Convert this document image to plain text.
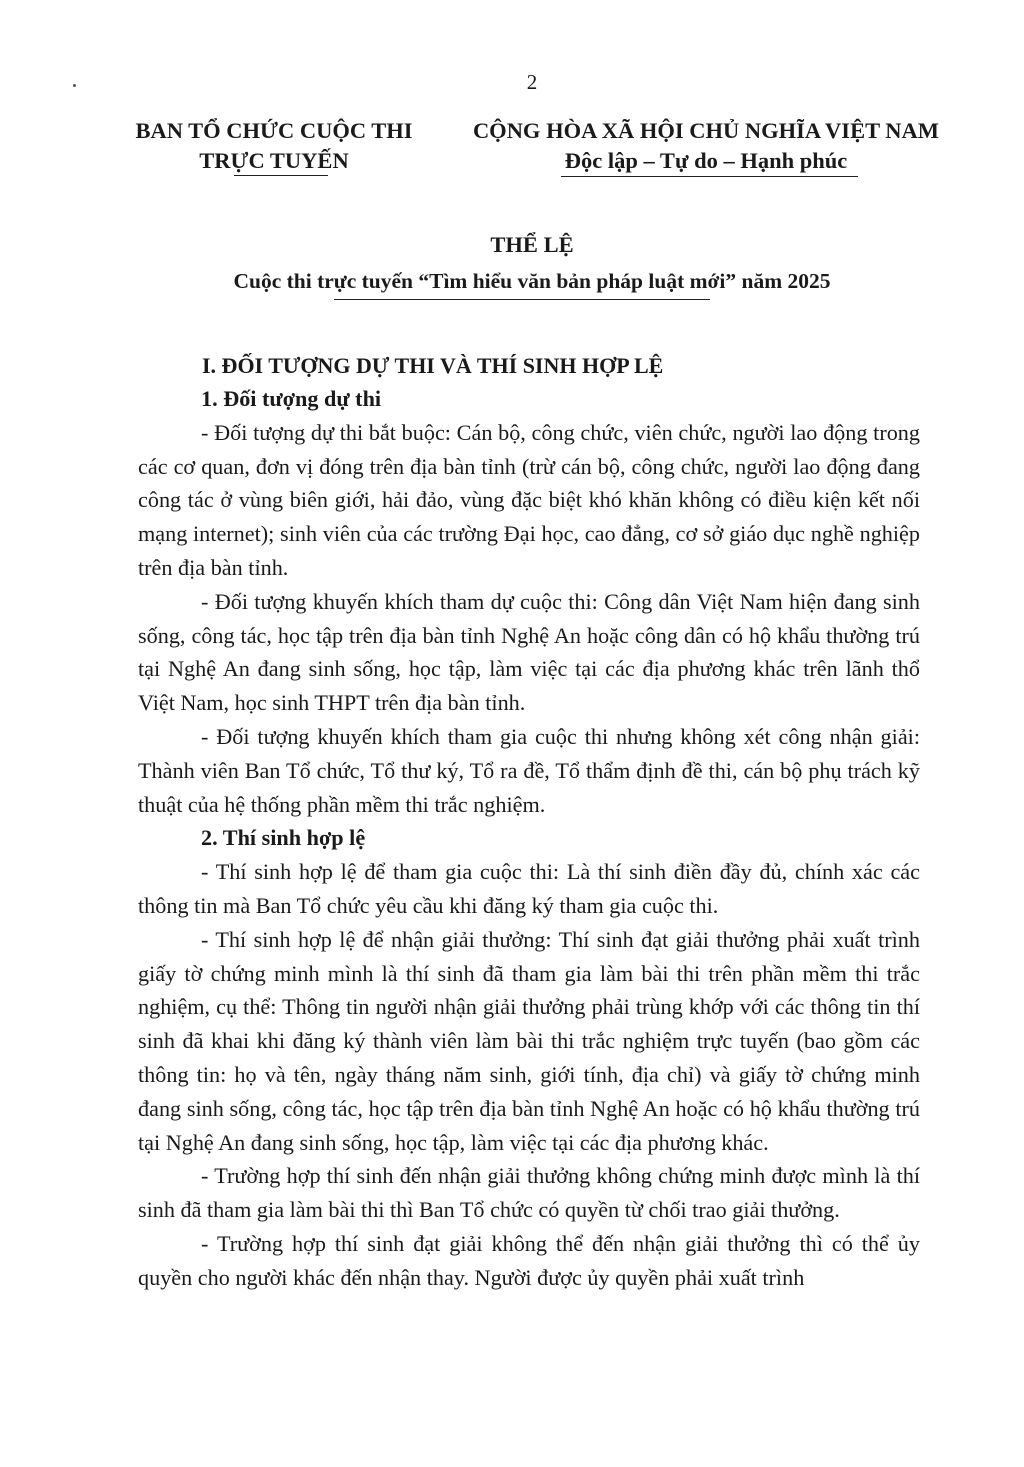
2
BAN TỔ CHỨC CUỘC THI
TRỰC TUYẾN
CỘNG HÒA XÃ HỘI CHỦ NGHĨA VIỆT NAM
Độc lập – Tự do – Hạnh phúc
THỂ LỆ
Cuộc thi trực tuyến “Tìm hiểu văn bản pháp luật mới” năm 2025
I. ĐỐI TƯỢNG DỰ THI VÀ THÍ SINH HỢP LỆ

1. Đối tượng dự thi

- Đối tượng dự thi bắt buộc: Cán bộ, công chức, viên chức, người lao động trong các cơ quan, đơn vị đóng trên địa bàn tỉnh (trừ cán bộ, công chức, người lao động đang công tác ở vùng biên giới, hải đảo, vùng đặc biệt khó khăn không có điều kiện kết nối mạng internet); sinh viên của các trường Đại học, cao đẳng, cơ sở giáo dục nghề nghiệp trên địa bàn tỉnh.

- Đối tượng khuyến khích tham dự cuộc thi: Công dân Việt Nam hiện đang sinh sống, công tác, học tập trên địa bàn tỉnh Nghệ An hoặc công dân có hộ khẩu thường trú tại Nghệ An đang sinh sống, học tập, làm việc tại các địa phương khác trên lãnh thổ Việt Nam, học sinh THPT trên địa bàn tỉnh.

- Đối tượng khuyến khích tham gia cuộc thi nhưng không xét công nhận giải: Thành viên Ban Tổ chức, Tổ thư ký, Tổ ra đề, Tổ thẩm định đề thi, cán bộ phụ trách kỹ thuật của hệ thống phần mềm thi trắc nghiệm.

2. Thí sinh hợp lệ

- Thí sinh hợp lệ để tham gia cuộc thi: Là thí sinh điền đầy đủ, chính xác các thông tin mà Ban Tổ chức yêu cầu khi đăng ký tham gia cuộc thi.

- Thí sinh hợp lệ để nhận giải thưởng: Thí sinh đạt giải thưởng phải xuất trình giấy tờ chứng minh mình là thí sinh đã tham gia làm bài thi trên phần mềm thi trắc nghiệm, cụ thể: Thông tin người nhận giải thưởng phải trùng khớp với các thông tin thí sinh đã khai khi đăng ký thành viên làm bài thi trắc nghiệm trực tuyến (bao gồm các thông tin: họ và tên, ngày tháng năm sinh, giới tính, địa chỉ) và giấy tờ chứng minh đang sinh sống, công tác, học tập trên địa bàn tỉnh Nghệ An hoặc có hộ khẩu thường trú tại Nghệ An đang sinh sống, học tập, làm việc tại các địa phương khác.

- Trường hợp thí sinh đến nhận giải thưởng không chứng minh được mình là thí sinh đã tham gia làm bài thi thì Ban Tổ chức có quyền từ chối trao giải thưởng.

- Trường hợp thí sinh đạt giải không thể đến nhận giải thưởng thì có thể ủy quyền cho người khác đến nhận thay. Người được ủy quyền phải xuất trình
